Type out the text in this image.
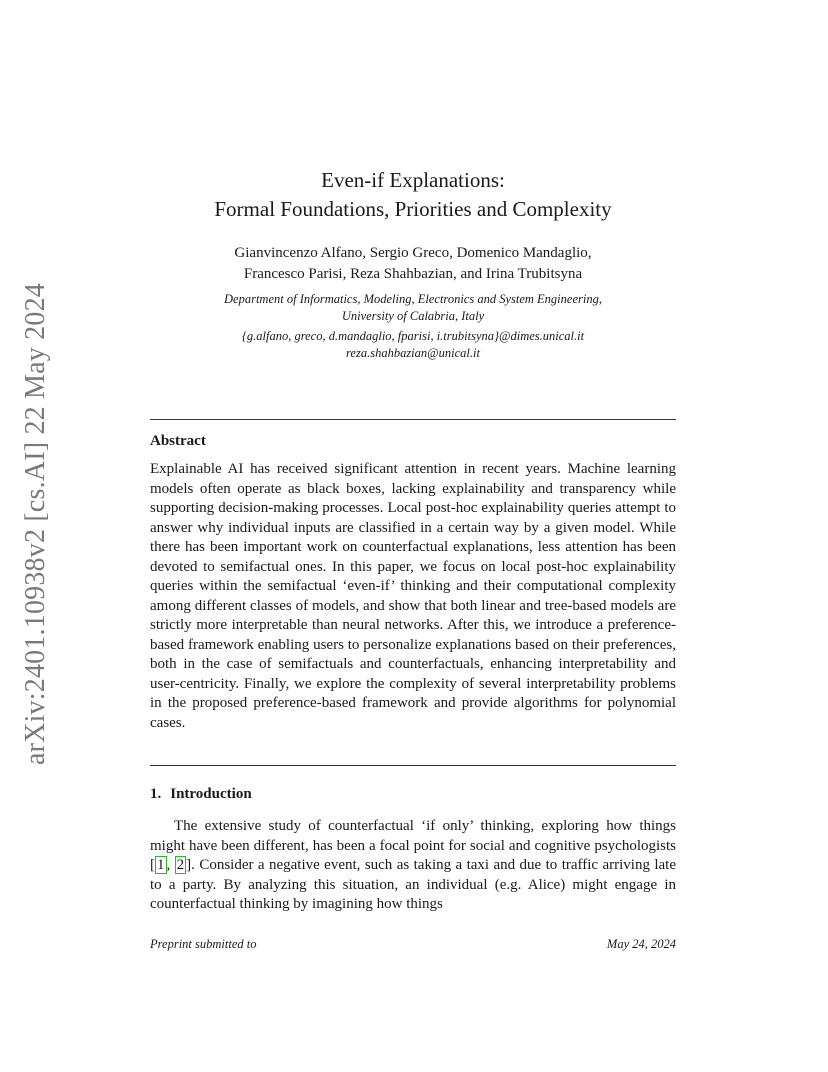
arXiv:2401.10938v2 [cs.AI] 22 May 2024
Even-if Explanations:
Formal Foundations, Priorities and Complexity
Gianvincenzo Alfano, Sergio Greco, Domenico Mandaglio,
Francesco Parisi, Reza Shahbazian, and Irina Trubitsyna
Department of Informatics, Modeling, Electronics and System Engineering,
University of Calabria, Italy
{g.alfano, greco, d.mandaglio, fparisi, i.trubitsyna}@dimes.unical.it
reza.shahbazian@unical.it
Abstract

Explainable AI has received significant attention in recent years. Machine learning models often operate as black boxes, lacking explainability and transparency while supporting decision-making processes. Local post-hoc explainability queries attempt to answer why individual inputs are classified in a certain way by a given model. While there has been important work on counterfactual explanations, less attention has been devoted to semifactual ones. In this paper, we focus on local post-hoc explainability queries within the semifactual ‘even-if’ thinking and their computational complexity among different classes of models, and show that both linear and tree-based models are strictly more interpretable than neural networks. After this, we introduce a preference-based framework enabling users to personalize explanations based on their preferences, both in the case of semifactuals and counterfactuals, enhancing interpretability and user-centricity. Finally, we explore the complexity of several interpretability problems in the proposed preference-based framework and provide algorithms for polynomial cases.

1. Introduction

The extensive study of counterfactual ‘if only’ thinking, exploring how things might have been different, has been a focal point for social and cognitive psychologists [ 1 , 2 ]. Consider a negative event, such as taking a taxi and due to traffic arriving late to a party. By analyzing this situation, an individual (e.g. Alice) might engage in counterfactual thinking by imagining how things

Preprint submitted to	May 24, 2024
